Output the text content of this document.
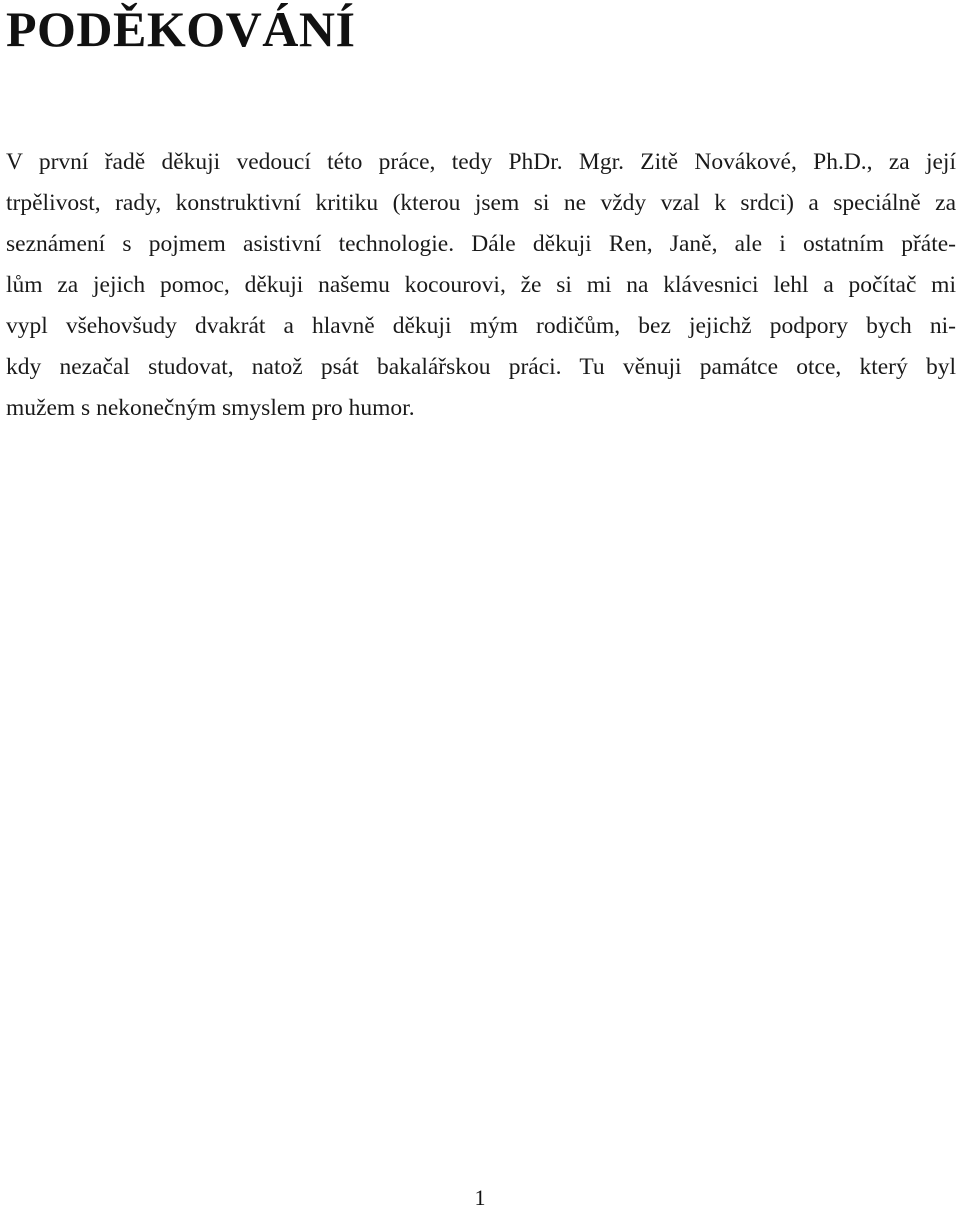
PODĚKOVÁNÍ
V první řadě děkuji vedoucí této práce, tedy PhDr. Mgr. Zitě Novákové, Ph.D., za její
trpělivost, rady, konstruktivní kritiku (kterou jsem si ne vždy vzal k srdci) a speciálně za
seznámení s pojmem asistivní technologie. Dále děkuji Ren, Janě, ale i ostatním přáte-
lům za jejich pomoc, děkuji našemu kocourovi, že si mi na klávesnici lehl a počítač mi
vypl všehovšudy dvakrát a hlavně děkuji mým rodičům, bez jejichž podpory bych ni-
kdy nezačal studovat, natož psát bakalářskou práci. Tu věnuji památce otce, který byl
mužem s nekonečným smyslem pro humor.
1
